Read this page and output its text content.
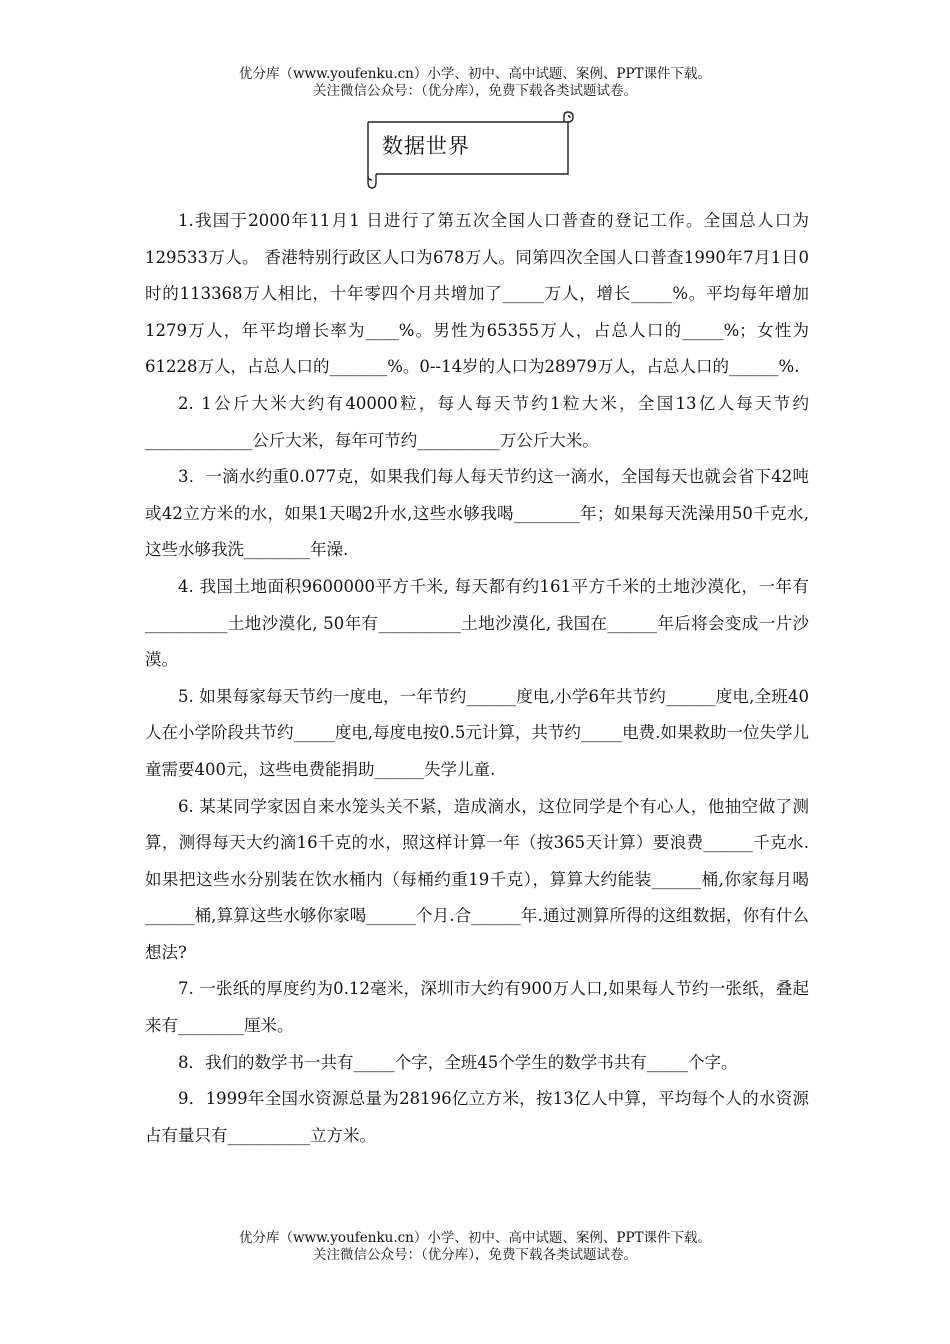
优分库（www.youfenku.cn）小学、初中、高中试题、案例、PPT课件下载。
关注微信公众号：（优分库），免费下载各类试题试卷。
数据世界

1.我国于2000年11月1 日进行了第五次全国人口普查的登记工作。全国总人口为129533万人。 香港特别行政区人口为678万人。同第四次全国人口普查1990年7月1日0时的113368万人相比，十年零四个月共增加了_____万人，增长_____%。平均每年增加1279万人，年平均增长率为____%。男性为65355万人，占总人口的_____%；女性为61228万人，占总人口的_______%。0--14岁的人口为28979万人，占总人口的______%.

2. 1公斤大米大约有40000粒，每人每天节约1粒大米，全国13亿人每天节约_____________公斤大米，每年可节约__________万公斤大米。

3．一滴水约重0.077克，如果我们每人每天节约这一滴水，全国每天也就会省下42吨或42立方米的水，如果1天喝2升水,这些水够我喝________年；如果每天洗澡用50千克水, 这些水够我洗________年澡.

4. 我国土地面积9600000平方千米, 每天都有约161平方千米的土地沙漠化，一年有__________土地沙漠化, 50年有__________土地沙漠化, 我国在______年后将会变成一片沙漠。

5. 如果每家每天节约一度电，一年节约______度电,小学6年共节约______度电,全班40人在小学阶段共节约_____度电,每度电按0.5元计算，共节约_____电费.如果救助一位失学儿童需要400元，这些电费能捐助______失学儿童.

6. 某某同学家因自来水笼头关不紧，造成滴水，这位同学是个有心人，他抽空做了测算，测得每天大约滴16千克的水，照这样计算一年（按365天计算）要浪费______千克水.如果把这些水分别装在饮水桶内（每桶约重19千克），算算大约能装______桶,你家每月喝______桶,算算这些水够你家喝______个月.合______年.通过测算所得的这组数据，你有什么想法?

7. 一张纸的厚度约为0.12毫米，深圳市大约有900万人口,如果每人节约一张纸，叠起来有________厘米。

8．我们的数学书一共有_____个字，全班45个学生的数学书共有_____个字。

9．1999年全国水资源总量为28196亿立方米，按13亿人中算，平均每个人的水资源占有量只有__________立方米。

优分库（www.youfenku.cn）小学、初中、高中试题、案例、PPT课件下载。
关注微信公众号：（优分库），免费下载各类试题试卷。
